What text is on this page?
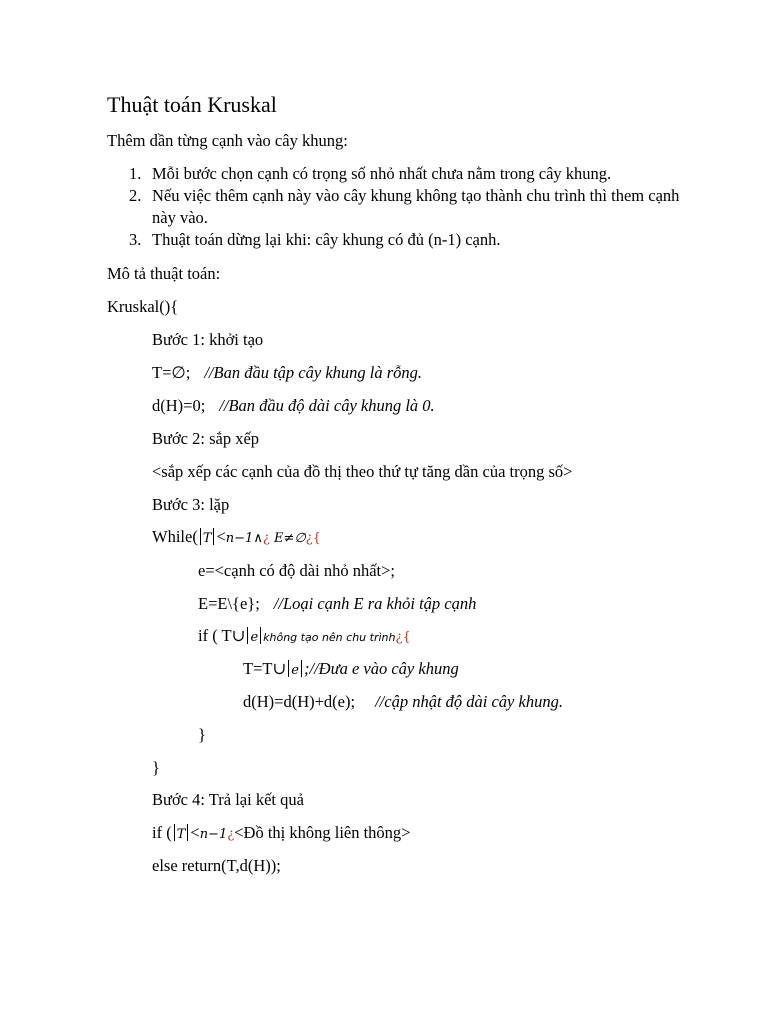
Thuật toán Kruskal

Thêm dần từng cạnh vào cây khung:

1. Mỗi bước chọn cạnh có trọng số nhỏ nhất chưa nằm trong cây khung.
2. Nếu việc thêm cạnh này vào cây khung không tạo thành chu trình thì them cạnh này vào.
3. Thuật toán dừng lại khi: cây khung có đủ (n-1) cạnh.

Mô tả thuật toán:

Kruskal(){

Bước 1: khởi tạo

T=∅; //Ban đầu tập cây khung là rỗng.

d(H)=0; //Ban đầu độ dài cây khung là 0.

Bước 2: sắp xếp

<sắp xếp các cạnh của đồ thị theo thứ tự tăng dần của trọng số>

Bước 3: lặp

While( T <n−1∧¿ E≠∅¿{

e=<cạnh có độ dài nhỏ nhất>;

E=E\{e}; //Loại cạnh E ra khỏi tập cạnh

if ( T∪ e không tạo nên chu trình¿{

T=T∪ e ;//Đưa e vào cây khung

d(H)=d(H)+d(e); //cập nhật độ dài cây khung.

}

}

Bước 4: Trả lại kết quả

if ( T <n−1¿<Đồ thị không liên thông>

else return(T,d(H));
